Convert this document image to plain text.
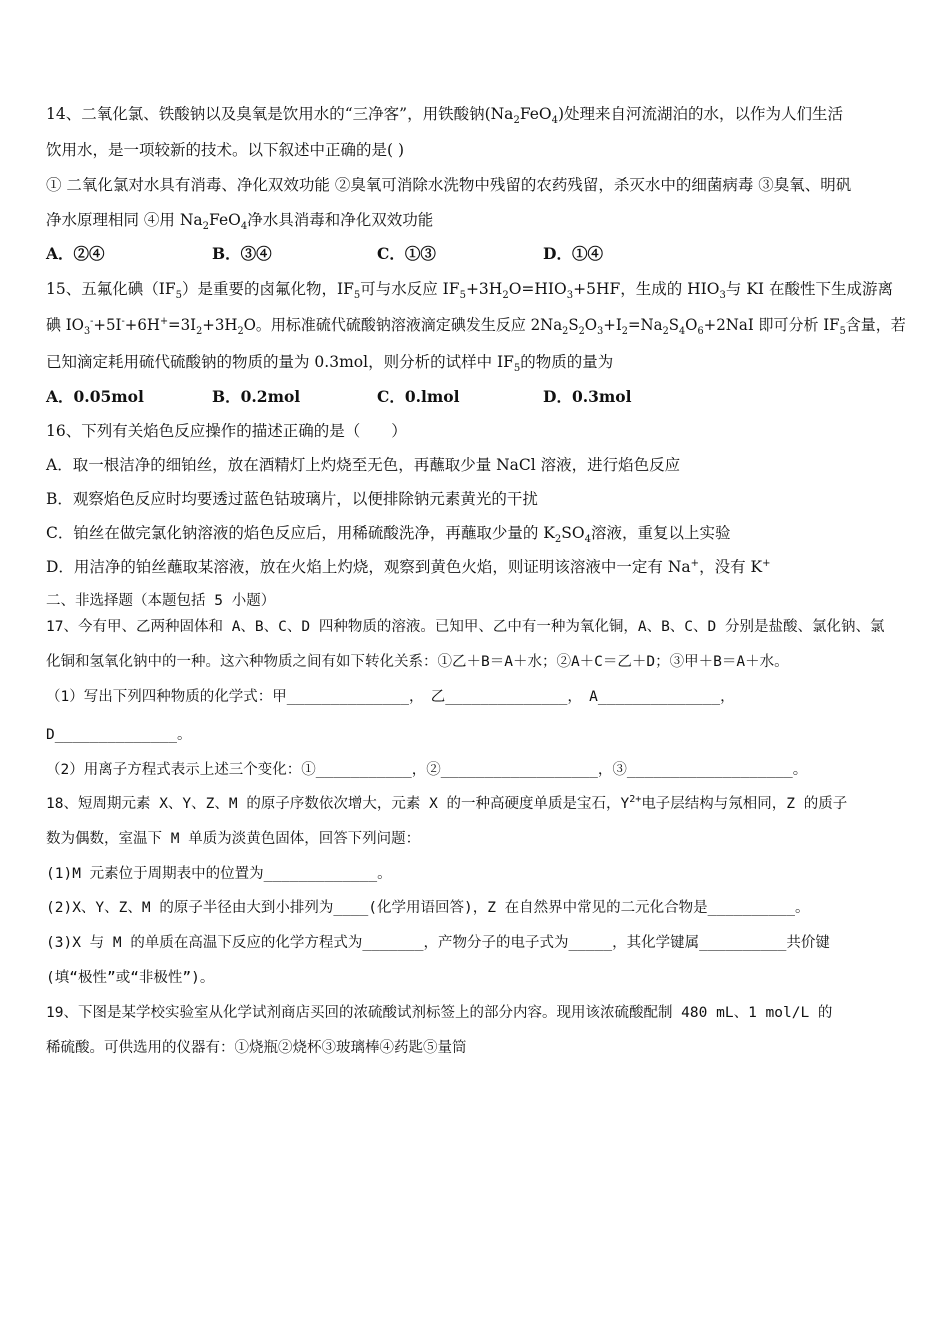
14、二氧化氯、铁酸钠以及臭氧是饮用水的“三净客”，用铁酸钠$(Na_2FeO_4)$处理来自河流湖泊的水，以作为人们生活
饮用水，是一项较新的技术。以下叙述中正确的是( )
① 二氧化氯对水具有消毒、净化双效功能 ②臭氧可消除水洗物中残留的农药残留，杀灭水中的细菌病毒 ③臭氧、明矾
净水原理相同 ④用 $Na_2FeO_4$净水具消毒和净化双效功能
A．②④	B．③④	C．①③	D．①④
15、五氟化碘$(IF_5)$是重要的卤氟化物，$IF_5$可与水反应 $IF_5+3H_2O=HIO_3+5HF$，生成的 $HIO_3$与 KI 在酸性下生成游离
碘 $IO_3^-+5I^-+6H^+=3I_2+3H_2O$。用标准硫代硫酸钠溶液滴定碘发生反应 $2Na_2S_2O_3+I_2=Na_2S_4O_6+2NaI$ 即可分析 $IF_5$含量，若
已知滴定耗用硫代硫酸钠的物质的量为 0.3mol，则分析的试样中 $IF_5$的物质的量为
A．0.05mol	B．0.2mol	C．0.lmol	D．0.3mol
16、下列有关焰色反应操作的描述正确的是（　　）
A．取一根洁净的细铂丝，放在酒精灯上灼烧至无色，再蘸取少量 NaCl 溶液，进行焰色反应
B．观察焰色反应时均要透过蓝色钴玻璃片，以便排除钠元素黄光的干扰
C．铂丝在做完氯化钠溶液的焰色反应后，用稀硫酸洗净，再蘸取少量的 $K_2SO_4$溶液，重复以上实验
D．用洁净的铂丝蘸取某溶液，放在火焰上灼烧，观察到黄色火焰，则证明该溶液中一定有 Na+，没有 K+
二、非选择题（本题包括 5 小题）
17、今有甲、乙两种固体和 A、B、C、D 四种物质的溶液。已知甲、乙中有一种为氧化铜，A、B、C、D 分别是盐酸、氯化钠、氯
化铜和氢氧化钠中的一种。这六种物质之间有如下转化关系：①乙＋B＝A＋水；②A＋C＝乙＋D；③甲＋B＝A＋水。
（1）写出下列四种物质的化学式：甲______________，　乙______________，　A______________，
D______________。
（2）用离子方程式表示上述三个变化：①___________，②__________________，③___________________。
18、短周期元素 X、Y、Z、M 的原子序数依次增大，元素 X 的一种高硬度单质是宝石，$Y^{2+}$电子层结构与氖相同，Z 的质子
数为偶数，室温下 M 单质为淡黄色固体，回答下列问题：
(1)M 元素位于周期表中的位置为_____________。
(2)X、Y、Z、M 的原子半径由大到小排列为____(化学用语回答)，Z 在自然界中常见的二元化合物是__________。
(3)X 与 M 的单质在高温下反应的化学方程式为_______，产物分子的电子式为_____，其化学键属__________共价键
(填“极性”或“非极性”)。
19、下图是某学校实验室从化学试剂商店买回的浓硫酸试剂标签上的部分内容。现用该浓硫酸配制 480 mL、1 mol/L 的
稀硫酸。可供选用的仪器有：①烧瓶②烧杯③玻璃棒④药匙⑤量筒
